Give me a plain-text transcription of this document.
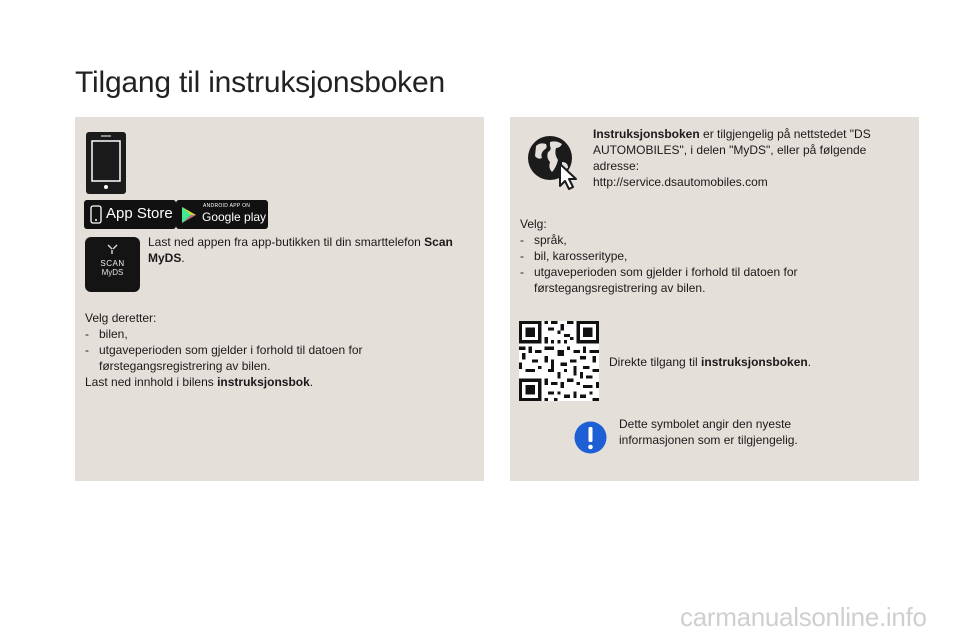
Tilgang til instruksjonsboken
App Store	ANDROID APP ON
Google play
SCAN
MyDS
Last ned appen fra app-butikken til din smarttelefon Scan MyDS.
Velg deretter:
- bilen,
- utgaveperioden som gjelder i forhold til datoen for førstegangsregistrering av bilen.
Last ned innhold i bilens instruksjonsbok.
Instruksjonsboken er tilgjengelig på nettstedet "DS AUTOMOBILES", i delen "MyDS", eller på følgende adresse:
http://service.dsautomobiles.com
Velg:
- språk,
- bil, karosseritype,
- utgaveperioden som gjelder i forhold til datoen for førstegangsregistrering av bilen.
Direkte tilgang til instruksjonsboken.
Dette symbolet angir den nyeste informasjonen som er tilgjengelig.
carmanualsonline.info
